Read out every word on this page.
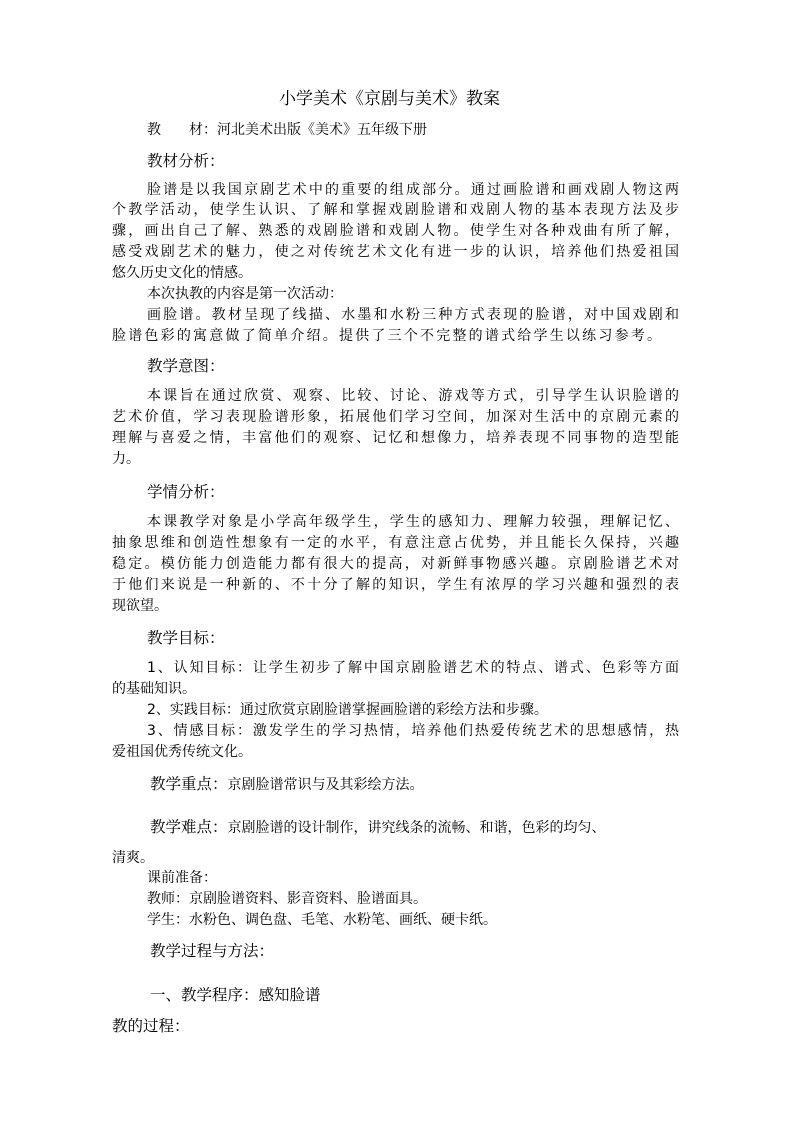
小学美术《京剧与美术》教案
教　　材：河北美术出版《美术》五年级下册
教材分析：
脸谱是以我国京剧艺术中的重要的组成部分。通过画脸谱和画戏剧人物这两
个教学活动，使学生认识、了解和掌握戏剧脸谱和戏剧人物的基本表现方法及步
骤，画出自己了解、熟悉的戏剧脸谱和戏剧人物。使学生对各种戏曲有所了解，
感受戏剧艺术的魅力，使之对传统艺术文化有进一步的认识，培养他们热爱祖国
悠久历史文化的情感。
本次执教的内容是第一次活动：
画脸谱。教材呈现了线描、水墨和水粉三种方式表现的脸谱，对中国戏剧和
脸谱色彩的寓意做了简单介绍。提供了三个不完整的谱式给学生以练习参考。
教学意图：
本课旨在通过欣赏、观察、比较、讨论、游戏等方式，引导学生认识脸谱的
艺术价值，学习表现脸谱形象，拓展他们学习空间，加深对生活中的京剧元素的
理解与喜爱之情，丰富他们的观察、记忆和想像力，培养表现不同事物的造型能
力。
学情分析：
本课教学对象是小学高年级学生，学生的感知力、理解力较强，理解记忆、
抽象思维和创造性想象有一定的水平，有意注意占优势，并且能长久保持，兴趣
稳定。模仿能力创造能力都有很大的提高，对新鲜事物感兴趣。京剧脸谱艺术对
于他们来说是一种新的、不十分了解的知识，学生有浓厚的学习兴趣和强烈的表
现欲望。
教学目标：
1、认知目标：让学生初步了解中国京剧脸谱艺术的特点、谱式、色彩等方面
的基础知识。
2、实践目标：通过欣赏京剧脸谱掌握画脸谱的彩绘方法和步骤。
3、情感目标：激发学生的学习热情，培养他们热爱传统艺术的思想感情，热
爱祖国优秀传统文化。
教学重点：京剧脸谱常识与及其彩绘方法。
教学难点：京剧脸谱的设计制作，讲究线条的流畅、和谐，色彩的均匀、
清爽。
课前准备：
教师：京剧脸谱资料、影音资料、脸谱面具。
学生：水粉色、调色盘、毛笔、水粉笔、画纸、硬卡纸。
教学过程与方法：
一、教学程序：感知脸谱
教的过程：
